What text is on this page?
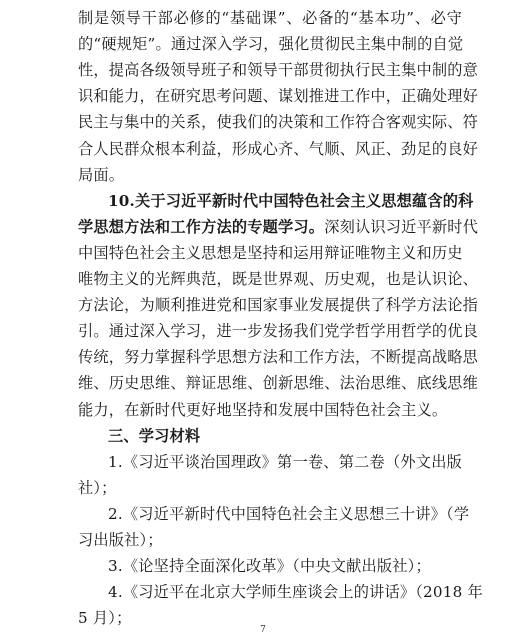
制是领导干部必修的“基础课”、必备的“基本功”、必守
的“硬规矩”。通过深入学习，强化贯彻民主集中制的自觉
性，提高各级领导班子和领导干部贯彻执行民主集中制的意
识和能力，在研究思考问题、谋划推进工作中，正确处理好
民主与集中的关系，使我们的决策和工作符合客观实际、符
合人民群众根本利益，形成心齐、气顺、风正、劲足的良好
局面。
10.关于习近平新时代中国特色社会主义思想蕴含的科
学思想方法和工作方法的专题学习。 深刻认识习近平新时代
中国特色社会主义思想是坚持和运用辩证唯物主义和历史
唯物主义的光辉典范，既是世界观、历史观，也是认识论、
方法论，为顺利推进党和国家事业发展提供了科学方法论指
引。通过深入学习，进一步发扬我们党学哲学用哲学的优良
传统，努力掌握科学思想方法和工作方法，不断提高战略思
维、历史思维、辩证思维、创新思维、法治思维、底线思维
能力，在新时代更好地坚持和发展中国特色社会主义。
三、学习材料
1.《习近平谈治国理政》第一卷、第二卷（外文出版
社）；
2.《习近平新时代中国特色社会主义思想三十讲》（学
习出版社）；
7
3.《论坚持全面深化改革》（中央文献出版社）；
4.《习近平在北京大学师生座谈会上的讲话》（2018 年
5 月）；
